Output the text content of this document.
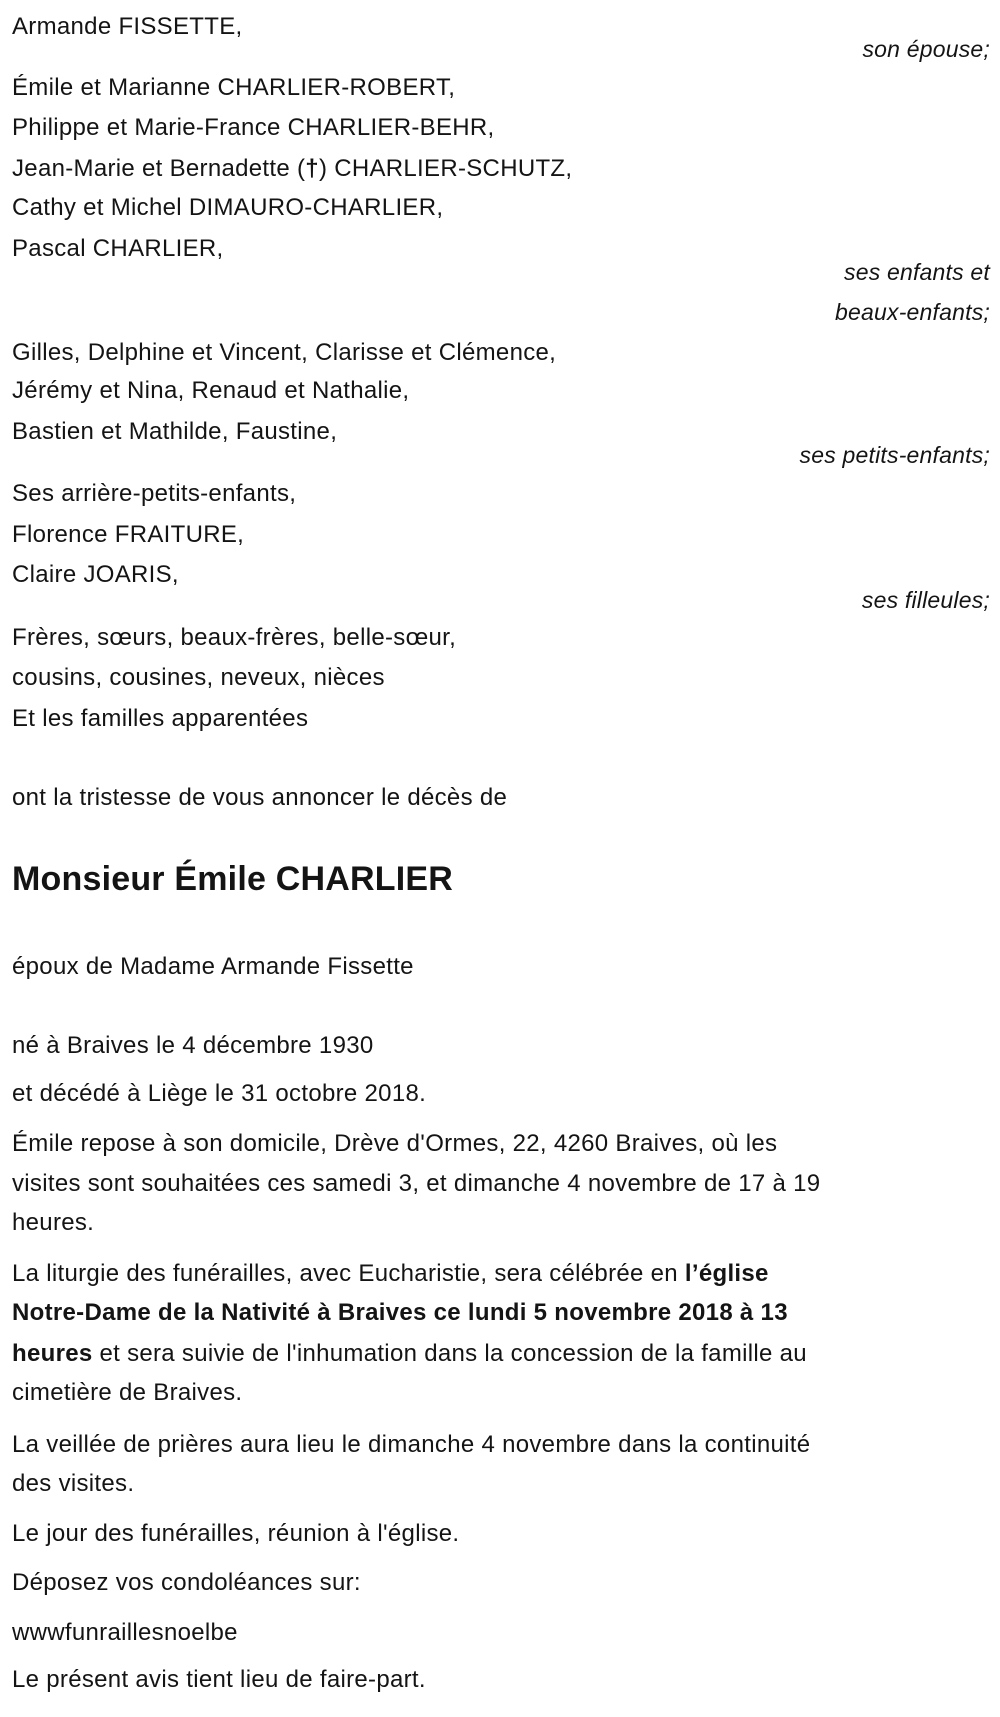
Armande FISSETTE,
son épouse;
Émile et Marianne CHARLIER-ROBERT,
Philippe et Marie-France CHARLIER-BEHR,
Jean-Marie et Bernadette (†) CHARLIER-SCHUTZ,
Cathy et Michel DIMAURO-CHARLIER,
Pascal CHARLIER,
ses enfants et
beaux-enfants;
Gilles, Delphine et Vincent, Clarisse et Clémence,
Jérémy et Nina, Renaud et Nathalie,
Bastien et Mathilde, Faustine,
ses petits-enfants;
Ses arrière-petits-enfants,
Florence FRAITURE,
Claire JOARIS,
ses filleules;
Frères, sœurs, beaux-frères, belle-sœur,
cousins, cousines, neveux, nièces
Et les familles apparentées
ont la tristesse de vous annoncer le décès de
Monsieur Émile CHARLIER
époux de Madame Armande Fissette
né à Braives le 4 décembre 1930
et décédé à Liège le 31 octobre 2018.
Émile repose à son domicile, Drève d'Ormes, 22, 4260 Braives, où les
visites sont souhaitées ces samedi 3, et dimanche 4 novembre de 17 à 19
heures.
La liturgie des funérailles, avec Eucharistie, sera célébrée en l’église
Notre-Dame de la Nativité à Braives ce lundi 5 novembre 2018 à 13
heures et sera suivie de l'inhumation dans la concession de la famille au
cimetière de Braives.
La veillée de prières aura lieu le dimanche 4 novembre dans la continuité
des visites.
Le jour des funérailles, réunion à l'église.
Déposez vos condoléances sur:
wwwfunraillesnoelbe
Le présent avis tient lieu de faire-part.
